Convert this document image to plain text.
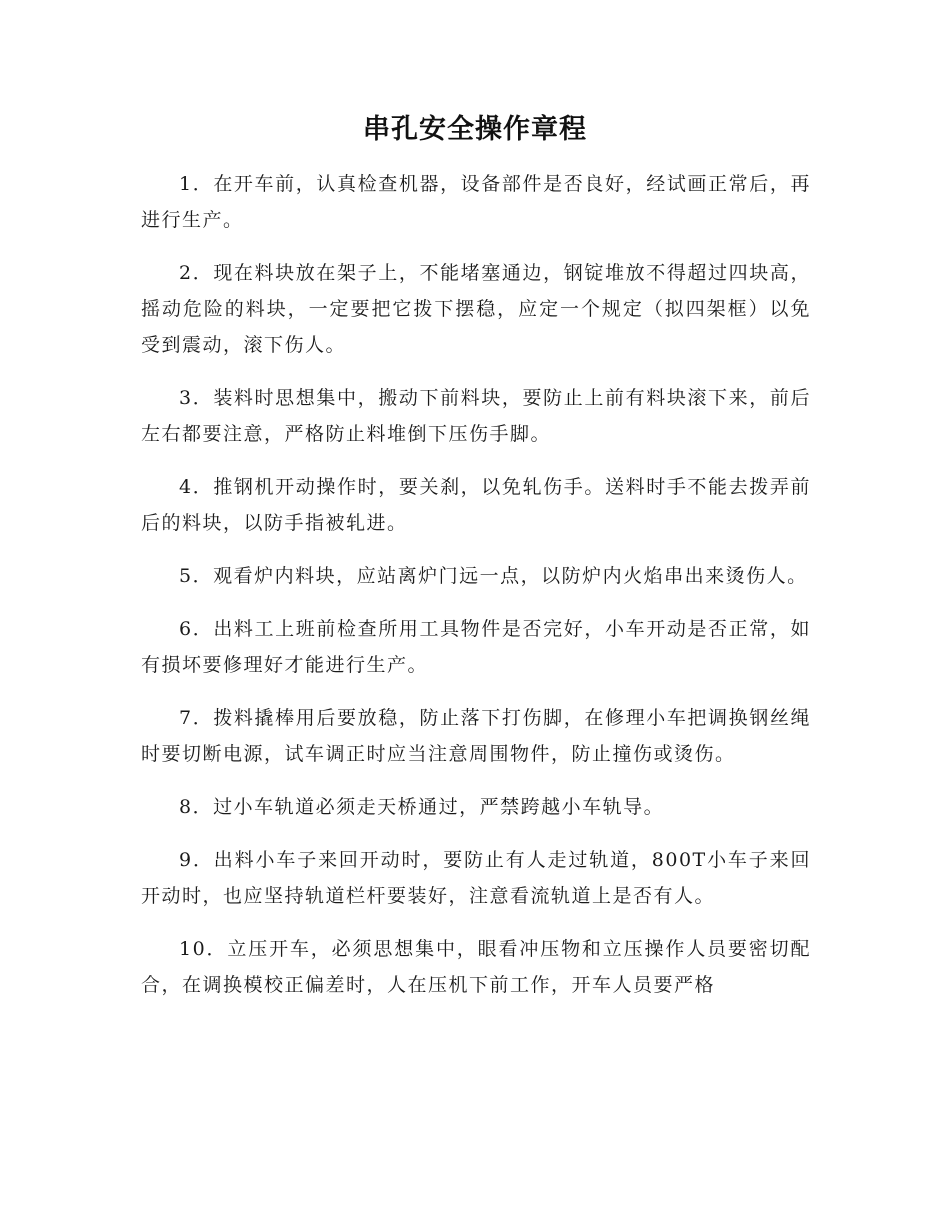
串孔安全操作章程

1．在开车前，认真检查机器，设备部件是否良好，经试画正常后，再进行生产。

2．现在料块放在架子上，不能堵塞通边，钢锭堆放不得超过四块高，摇动危险的料块，一定要把它拨下摆稳，应定一个规定（拟四架框）以免受到震动，滚下伤人。

3．装料时思想集中，搬动下前料块，要防止上前有料块滚下来，前后左右都要注意，严格防止料堆倒下压伤手脚。

4．推钢机开动操作时，要关刹，以免轧伤手。送料时手不能去拨弄前后的料块，以防手指被轧进。

5．观看炉内料块，应站离炉门远一点，以防炉内火焰串出来烫伤人。

6．出料工上班前检查所用工具物件是否完好，小车开动是否正常，如有损坏要修理好才能进行生产。

7．拨料撬棒用后要放稳，防止落下打伤脚，在修理小车把调换钢丝绳时要切断电源，试车调正时应当注意周围物件，防止撞伤或烫伤。

8．过小车轨道必须走天桥通过，严禁跨越小车轨导。

9．出料小车子来回开动时，要防止有人走过轨道，800T小车子来回开动时，也应坚持轨道栏杆要装好，注意看流轨道上是否有人。

10．立压开车，必须思想集中，眼看冲压物和立压操作人员要密切配合，在调换模校正偏差时，人在压机下前工作，开车人员要严格
